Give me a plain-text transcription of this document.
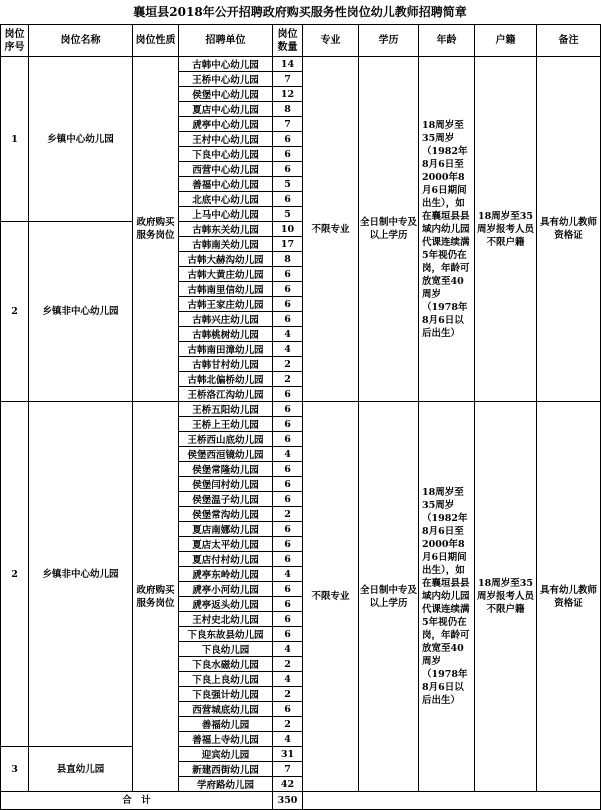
襄垣县2018年公开招聘政府购买服务性岗位幼儿教师招聘简章
岗位序号	岗位名称	岗位性质	招聘单位	岗位数量	专业	学历	年龄	户籍	备注
1	乡镇中心幼儿园	政府购买服务岗位	古韩中心幼儿园	14	不限专业	全日制中专及以上学历	18周岁至35周岁（1982年8月6日至2000年8月6日期间出生），如在襄垣县县域内幼儿园代课连续满5年视仍在岗，年龄可放宽至40周岁（1978年8月6日以后出生）	18周岁至35周岁报考人员不限户籍	具有幼儿教师资格证
			王桥中心幼儿园	7					
			侯堡中心幼儿园	12					
			夏店中心幼儿园	8					
			虒亭中心幼儿园	7					
			王村中心幼儿园	6					
			下良中心幼儿园	6					
			西营中心幼儿园	6					
			善福中心幼儿园	5					
			北底中心幼儿园	6					
			上马中心幼儿园	5					
2	乡镇非中心幼儿园		古韩东关幼儿园	10					
			古韩南关幼儿园	17					
			古韩大赫沟幼儿园	8					
			古韩大黄庄幼儿园	6					
			古韩南里信幼儿园	6					
			古韩王家庄幼儿园	6					
			古韩兴庄幼儿园	6					
			古韩桃树幼儿园	4					
			古韩南田漳幼儿园	4					
			古韩甘村幼儿园	2					
			古韩北偏桥幼儿园	2					
			王桥洛江沟幼儿园	6					
2	乡镇非中心幼儿园	政府购买服务岗位	王桥五阳幼儿园	6	不限专业	全日制中专及以上学历	18周岁至35周岁（1982年8月6日至2000年8月6日期间出生），如在襄垣县县域内幼儿园代课连续满5年视仍在岗，年龄可放宽至40周岁（1978年8月6日以后出生）	18周岁至35周岁报考人员不限户籍	具有幼儿教师资格证
			王桥上王幼儿园	6					
			王桥西山底幼儿园	6					
			侯堡西洹镜幼儿园	4					
			侯堡常隆幼儿园	6					
			侯堡闫村幼儿园	6					
			侯堡温子幼儿园	6					
			侯堡常沟幼儿园	2					
			夏店南娜幼儿园	6					
			夏店太平幼儿园	6					
			夏店付村幼儿园	6					
			虒亭东岭幼儿园	4					
			虒亭小河幼儿园	6					
			虒亭返头幼儿园	6					
			王村史北幼儿园	6					
			下良东故县幼儿园	6					
			下良幼儿园	4					
			下良水磁幼儿园	2					
			下良上良幼儿园	4					
			下良强计幼儿园	2					
			西营城底幼儿园	6					
			善福幼儿园	2					
			善福上寺幼儿园	4					
3	县直幼儿园		迎宾幼儿园	31					
			新建西街幼儿园	7					
			学府路幼儿园	42					
合　计				350					
